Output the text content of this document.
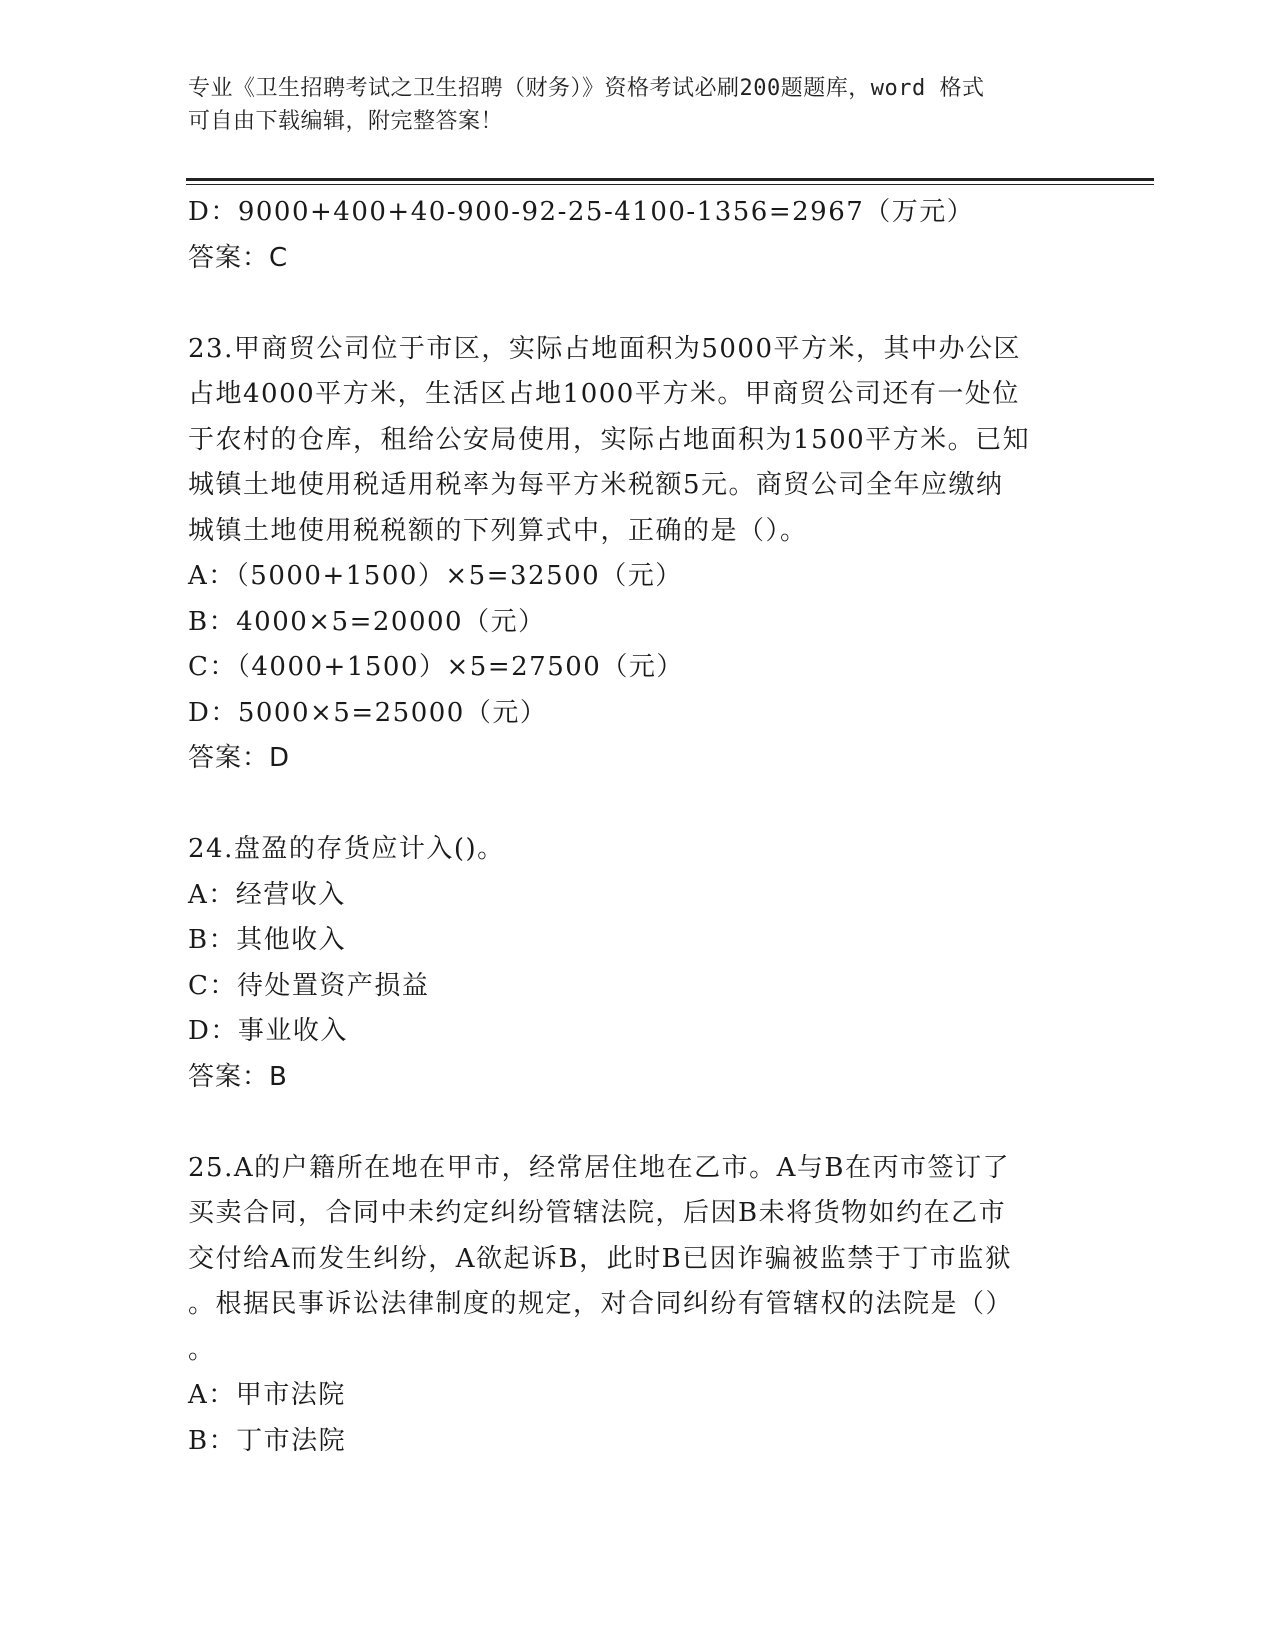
专业《卫生招聘考试之卫生招聘（财务）》资格考试必刷200题题库，word 格式
可自由下载编辑，附完整答案！
D：9000+400+40-900-92-25-4100-1356=2967（万元）
答案：C
23.甲商贸公司位于市区，实际占地面积为5000平方米，其中办公区
占地4000平方米，生活区占地1000平方米。甲商贸公司还有一处位
于农村的仓库，租给公安局使用，实际占地面积为1500平方米。已知
城镇土地使用税适用税率为每平方米税额5元。商贸公司全年应缴纳
城镇土地使用税税额的下列算式中，正确的是（）。
A：（5000+1500）×5=32500（元）
B：4000×5=20000（元）
C：（4000+1500）×5=27500（元）
D：5000×5=25000（元）
答案：D
24.盘盈的存货应计入()。
A：经营收入
B：其他收入
C：待处置资产损益
D：事业收入
答案：B
25.A的户籍所在地在甲市，经常居住地在乙市。A与B在丙市签订了
买卖合同，合同中未约定纠纷管辖法院，后因B未将货物如约在乙市
交付给A而发生纠纷，A欲起诉B，此时B已因诈骗被监禁于丁市监狱
。根据民事诉讼法律制度的规定，对合同纠纷有管辖权的法院是（）
。
A：甲市法院
B：丁市法院
